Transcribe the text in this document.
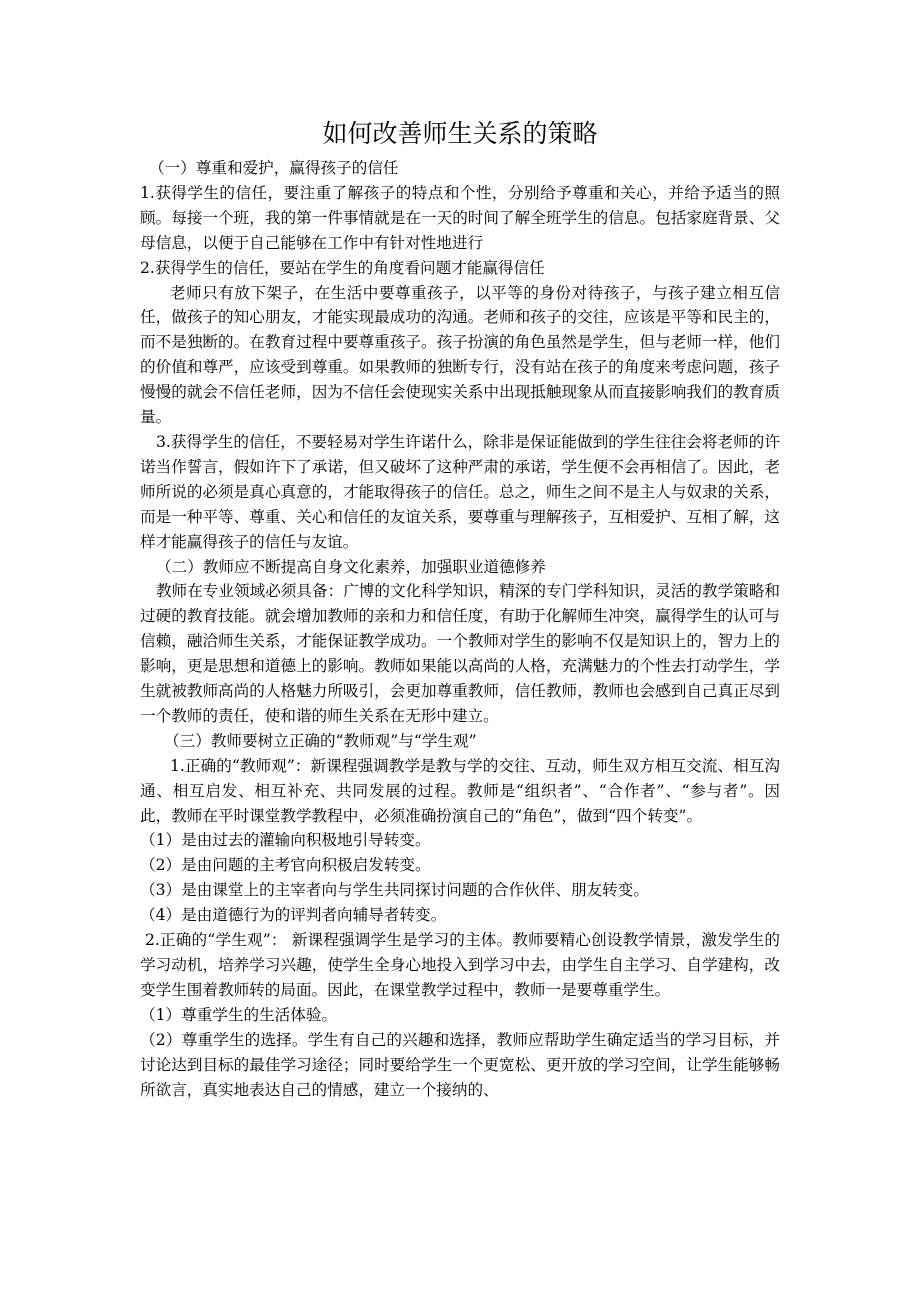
如何改善师生关系的策略

（一）尊重和爱护，赢得孩子的信任

1.获得学生的信任，要注重了解孩子的特点和个性，分别给予尊重和关心，并给予适当的照顾。每接一个班，我的第一件事情就是在一天的时间了解全班学生的信息。包括家庭背景、父母信息，以便于自己能够在工作中有针对性地进行

2.获得学生的信任，要站在学生的角度看问题才能赢得信任

老师只有放下架子，在生活中要尊重孩子，以平等的身份对待孩子，与孩子建立相互信任，做孩子的知心朋友，才能实现最成功的沟通。老师和孩子的交往，应该是平等和民主的，而不是独断的。在教育过程中要尊重孩子。孩子扮演的角色虽然是学生，但与老师一样，他们的价值和尊严，应该受到尊重。如果教师的独断专行，没有站在孩子的角度来考虑问题，孩子慢慢的就会不信任老师，因为不信任会使现实关系中出现抵触现象从而直接影响我们的教育质量。

3.获得学生的信任，不要轻易对学生许诺什么，除非是保证能做到的学生往往会将老师的许诺当作誓言，假如许下了承诺，但又破坏了这种严肃的承诺，学生便不会再相信了。因此，老师所说的必须是真心真意的，才能取得孩子的信任。总之，师生之间不是主人与奴隶的关系，而是一种平等、尊重、关心和信任的友谊关系，要尊重与理解孩子，互相爱护、互相了解，这样才能赢得孩子的信任与友谊。

（二）教师应不断提高自身文化素养，加强职业道德修养

教师在专业领域必须具备：广博的文化科学知识，精深的专门学科知识，灵活的教学策略和过硬的教育技能。就会增加教师的亲和力和信任度，有助于化解师生冲突，赢得学生的认可与信赖，融洽师生关系，才能保证教学成功。一个教师对学生的影响不仅是知识上的，智力上的影响，更是思想和道德上的影响。教师如果能以高尚的人格，充满魅力的个性去打动学生，学生就被教师高尚的人格魅力所吸引，会更加尊重教师，信任教师，教师也会感到自己真正尽到一个教师的责任，使和谐的师生关系在无形中建立。

（三）教师要树立正确的“教师观”与“学生观”

1.正确的“教师观”：新课程强调教学是教与学的交往、互动，师生双方相互交流、相互沟通、相互启发、相互补充、共同发展的过程。教师是“组织者”、“合作者”、“参与者”。因此，教师在平时课堂教学教程中，必须准确扮演自己的“角色”，做到“四个转变”。

（1）是由过去的灌输向积极地引导转变。

（2）是由问题的主考官向积极启发转变。

（3）是由课堂上的主宰者向与学生共同探讨问题的合作伙伴、朋友转变。

（4）是由道德行为的评判者向辅导者转变。

2.正确的“学生观”： 新课程强调学生是学习的主体。教师要精心创设教学情景，激发学生的学习动机，培养学习兴趣，使学生全身心地投入到学习中去，由学生自主学习、自学建构，改变学生围着教师转的局面。因此，在课堂教学过程中，教师一是要尊重学生。

（1）尊重学生的生活体验。

（2）尊重学生的选择。学生有自己的兴趣和选择，教师应帮助学生确定适当的学习目标，并讨论达到目标的最佳学习途径；同时要给学生一个更宽松、更开放的学习空间，让学生能够畅所欲言，真实地表达自己的情感，建立一个接纳的、
